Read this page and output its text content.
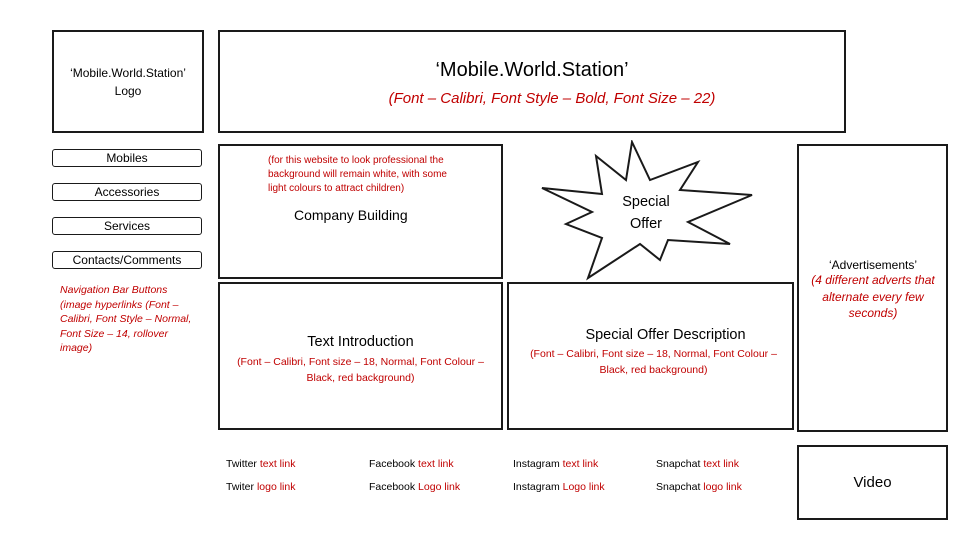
‘Mobile.World.Station’
Logo
‘Mobile.World.Station’
(Font – Calibri, Font Style – Bold, Font Size – 22)
Mobiles
Accessories
Services
Contacts/Comments
Navigation Bar Buttons (image hyperlinks (Font – Calibri, Font Style – Normal, Font Size – 14, rollover image)
(for this website to look professional the background will remain white, with some light colours to attract children)
Company Building
Special
Offer
‘Advertisements’
(4 different adverts that alternate every few seconds)
Text Introduction
(Font – Calibri, Font size – 18, Normal, Font Colour – Black, red background)
Special Offer Description
(Font – Calibri, Font size – 18, Normal, Font Colour – Black, red background)
Twitter text link	Facebook text link	Instagram text link	Snapchat text link
Twiter logo link	Facebook Logo link	Instagram Logo link	Snapchat logo link	Video
